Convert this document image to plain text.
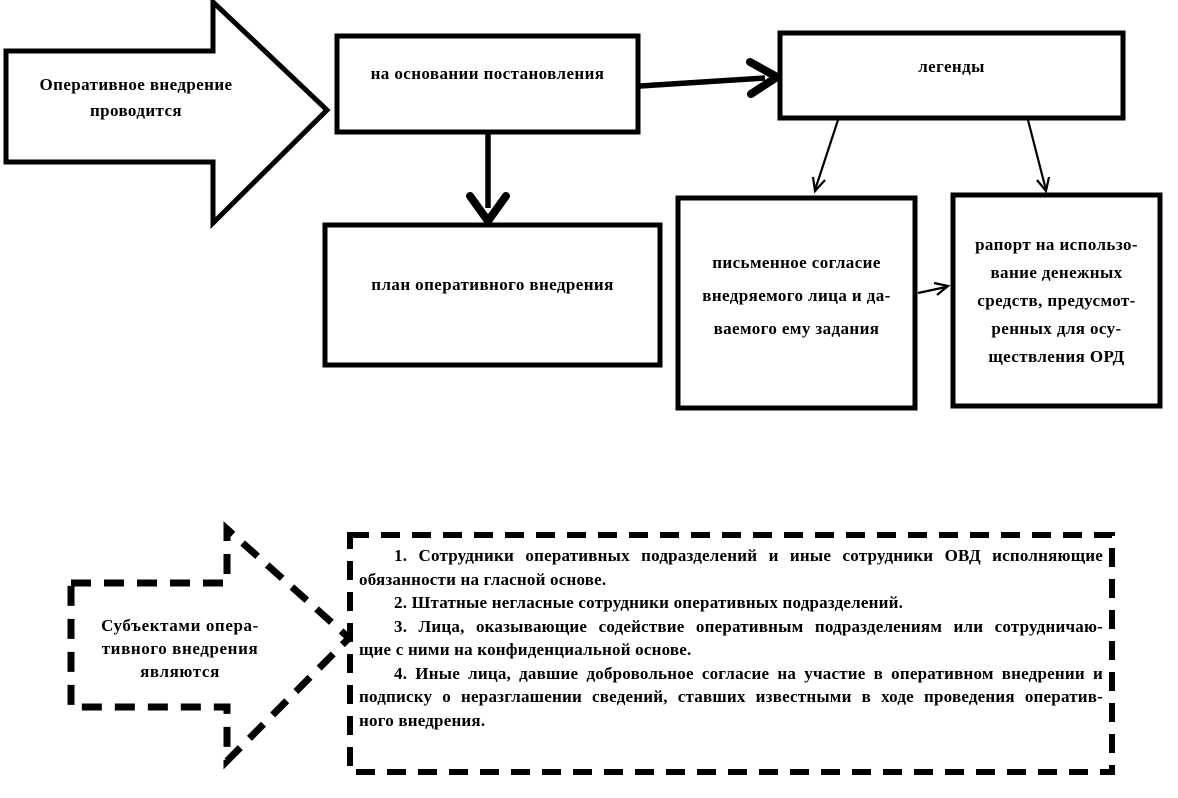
Оперативное внедрение
проводится
на основании постановления	легенды
план оперативного внедрения
письменное согласие
внедряемого лица и да-
ваемого ему задания
рапорт на использо-
вание денежных
средств, предусмот-
ренных для осу-
ществления ОРД
Субъектами опера-
тивного внедрения
являются
1. Сотрудники оперативных подразделений и иные сотрудники ОВД исполняющие
обязанности на гласной основе.
2. Штатные негласные сотрудники оперативных подразделений.
3. Лица, оказывающие содействие оперативным подразделениям или сотрудничаю-
щие с ними на конфиденциальной основе.
4. Иные лица, давшие добровольное согласие на участие в оперативном внедрении и
подписку о неразглашении сведений, ставших известными в ходе проведения оператив-
ного внедрения.
